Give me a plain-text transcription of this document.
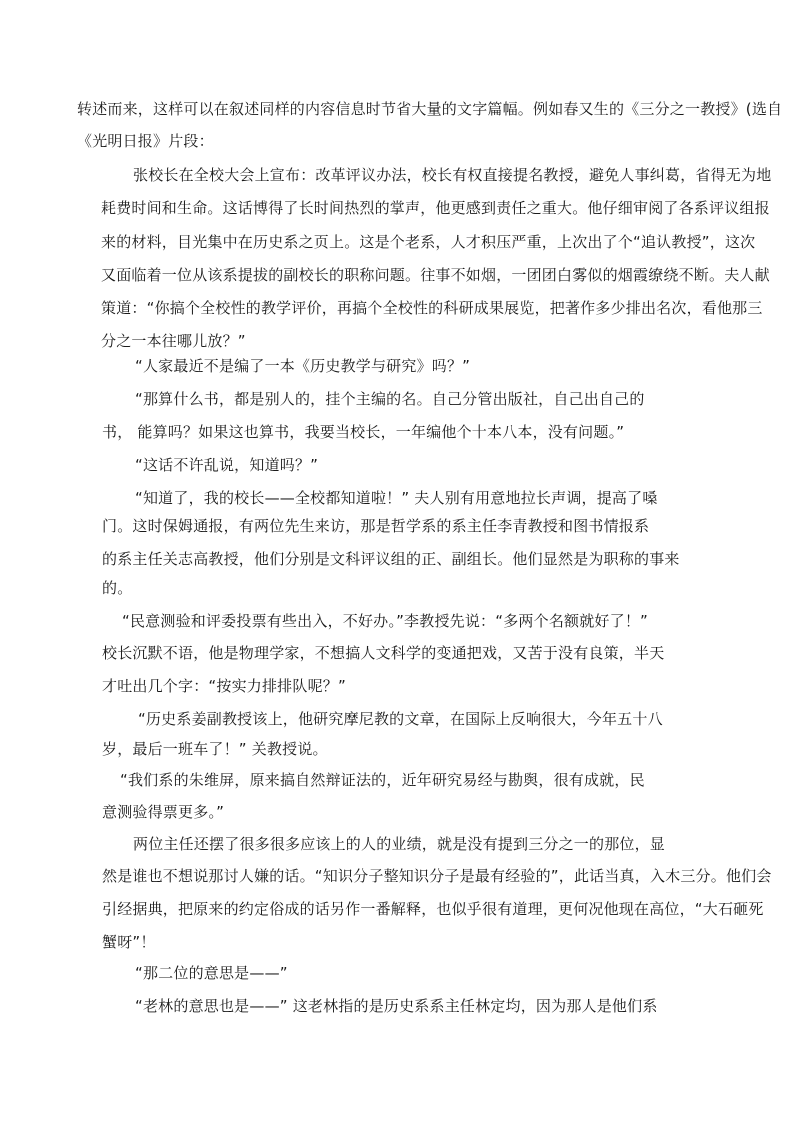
转述而来，这样可以在叙述同样的内容信息时节省大量的文字篇幅。例如春又生的《三分之一教授》(选自
《光明日报》片段：
张校长在全校大会上宣布：改革评议办法，校长有权直接提名教授，避免人事纠葛，省得无为地
耗费时间和生命。这话博得了长时间热烈的掌声，他更感到责任之重大。他仔细审阅了各系评议组报
来的材料，目光集中在历史系之页上。这是个老系，人才积压严重，上次出了个“追认教授”，这次
又面临着一位从该系提拔的副校长的职称问题。往事不如烟，一团团白雾似的烟霞缭绕不断。夫人献
策道：“你搞个全校性的教学评价，再搞个全校性的科研成果展览，把著作多少排出名次，看他那三
分之一本往哪儿放？”
“人家最近不是编了一本《历史教学与研究》吗？”
“那算什么书，都是别人的，挂个主编的名。自己分管出版社，自己出自己的
书， 能算吗？如果这也算书，我要当校长，一年编他个十本八本，没有问题。”
“这话不许乱说，知道吗？”
“知道了，我的校长——全校都知道啦！” 夫人别有用意地拉长声调，提高了嗓
门。这时保姆通报，有两位先生来访，那是哲学系的系主任李青教授和图书情报系
的系主任关志高教授，他们分别是文科评议组的正、副组长。他们显然是为职称的事来
的。
“民意测验和评委投票有些出入，不好办。”李教授先说：“多两个名额就好了！”
校长沉默不语，他是物理学家，不想搞人文科学的变通把戏，又苦于没有良策，半天
才吐出几个字：“按实力排排队呢？”
“历史系姜副教授该上，他研究摩尼教的文章，在国际上反响很大，今年五十八
岁，最后一班车了！” 关教授说。
“我们系的朱维屏，原来搞自然辩证法的，近年研究易经与勘舆，很有成就，民
意测验得票更多。”
两位主任还摆了很多很多应该上的人的业绩，就是没有提到三分之一的那位，显
然是谁也不想说那讨人嫌的话。“知识分子整知识分子是最有经验的”，此话当真，入木三分。他们会
引经据典，把原来的约定俗成的话另作一番解释，也似乎很有道理，更何况他现在高位，“大石砸死
蟹呀”！
“那二位的意思是——”
“老林的意思也是——” 这老林指的是历史系系主任林定均，因为那人是他们系
